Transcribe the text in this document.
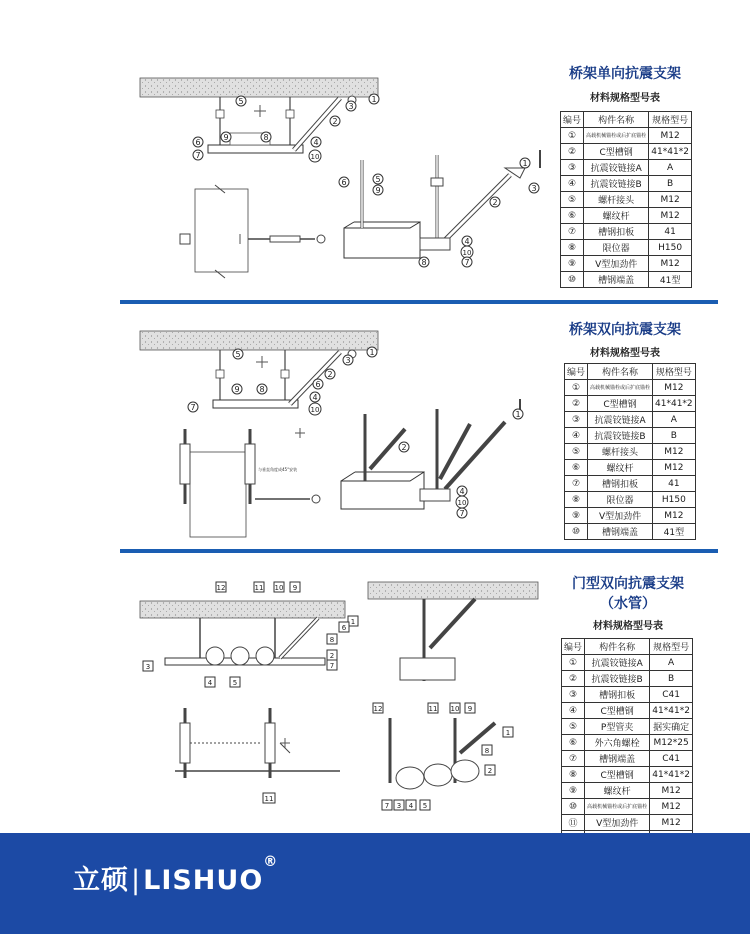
5	1
3
2
6
7
9	8
4
10
6	5
9
1
3
2
4
10
7
8
桥架单向抗震支架
材料规格型号表
编号	构件名称	规格型号
①	高载机械锚栓或后扩底锚栓	M12
②	C型槽钢	41*41*2
③	抗震铰链接A	A
④	抗震铰链接B	B
⑤	螺杆接头	M12
⑥	螺纹杆	M12
⑦	槽钢扣板	41
⑧	限位器	H150
⑨	V型加劲件	M12
⑩	槽钢端盖	41型
5	1
3
2
6
4
10
9 8
7
与垂直角度成45°安装
1
2
4
10
7
桥架双向抗震支架
材料规格型号表
编号	构件名称	规格型号
①	高载机械锚栓或后扩底锚栓	M12
②	C型槽钢	41*41*2
③	抗震铰链接A	A
④	抗震铰链接B	B
⑤	螺杆接头	M12
⑥	螺纹杆	M12
⑦	槽钢扣板	41
⑧	限位器	H150
⑨	V型加劲件	M12
⑩	槽钢端盖	41型
12	11 10 9
1
6
8
2
7
3
4	5
11
12	11 10 9
1
8
2
7 3 4 5
门型双向抗震支架
（水管）
材料规格型号表
编号	构件名称	规格型号
①	抗震铰链接A	A
②	抗震铰链接B	B
③	槽钢扣板	C41
④	C型槽钢	41*41*2
⑤	P型管夹	据实确定
⑥	外六角螺栓	M12*25
⑦	槽钢端盖	C41
⑧	C型槽钢	41*41*2
⑨	螺纹杆	M12
⑩	高载机械锚栓或后扩底锚栓	M12
⑪	V型加劲件	M12

立硕|LISHUO®
